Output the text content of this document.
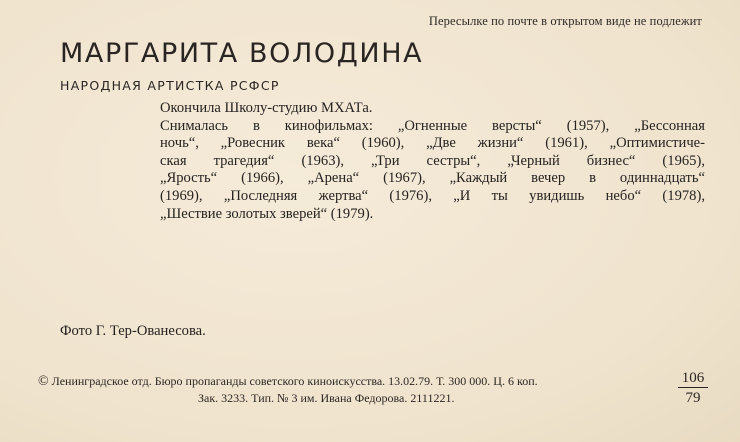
Пересылке по почте в открытом виде не подлежит
МАРГАРИТА ВОЛОДИНА
НАРОДНАЯ АРТИСТКА РСФСР
Окончила Школу-студию МХАТа.
Снималась в кинофильмах: „Огненные версты“ (1957), „Бессонная
ночь“, „Ровесник века“ (1960), „Две жизни“ (1961), „Оптимистиче-
ская трагедия“ (1963), „Три сестры“, „Черный бизнес“ (1965),
„Ярость“ (1966), „Арена“ (1967), „Каждый вечер в одиннадцать“
(1969), „Последняя жертва“ (1976), „И ты увидишь небо“ (1978),
„Шествие золотых зверей“ (1979).
Фото Г. Тер-Ованесова.
© Ленинградское отд. Бюро пропаганды советского киноискусства. 13.02.79. Т. 300 000. Ц. 6 коп.
Зак. 3233. Тип. № 3 им. Ивана Федорова. 2111221.	$\frac{106}{79}$
